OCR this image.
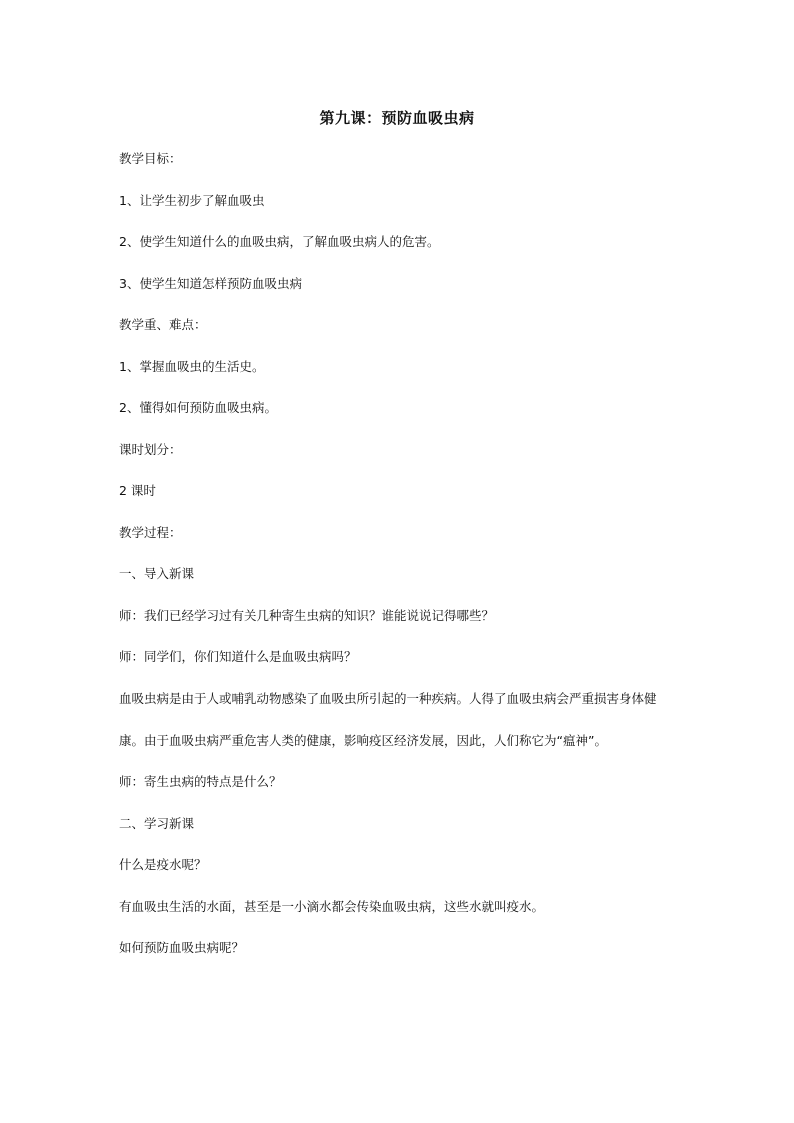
第九课：预防血吸虫病

教学目标：

1、让学生初步了解血吸虫

2、使学生知道什么的血吸虫病，了解血吸虫病人的危害。

3、使学生知道怎样预防血吸虫病

教学重、难点：

1、掌握血吸虫的生活史。

2、懂得如何预防血吸虫病。

课时划分：

2 课时

教学过程：

一、导入新课

师：我们已经学习过有关几种寄生虫病的知识？谁能说说记得哪些？

师：同学们，你们知道什么是血吸虫病吗？

血吸虫病是由于人或哺乳动物感染了血吸虫所引起的一种疾病。人得了血吸虫病会严重损害身体健康。由于血吸虫病严重危害人类的健康，影响疫区经济发展，因此，人们称它为“瘟神”。

师：寄生虫病的特点是什么？

二、学习新课

什么是疫水呢？

有血吸虫生活的水面，甚至是一小滴水都会传染血吸虫病，这些水就叫疫水。

如何预防血吸虫病呢？
